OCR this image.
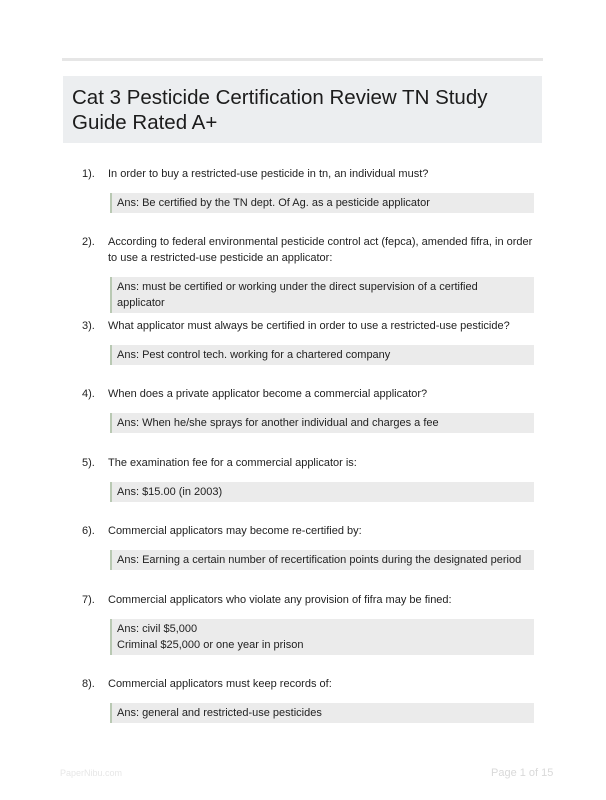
Cat 3 Pesticide Certification Review TN Study
Guide Rated A+
1). In order to buy a restricted-use pesticide in tn, an individual must?
Ans: Be certified by the TN dept. Of Ag. as a pesticide applicator
2). According to federal environmental pesticide control act (fepca), amended fifra, in order to use a restricted-use pesticide an applicator:
Ans: must be certified or working under the direct supervision of a certified applicator
3). What applicator must always be certified in order to use a restricted-use pesticide?
Ans: Pest control tech. working for a chartered company
4). When does a private applicator become a commercial applicator?
Ans: When he/she sprays for another individual and charges a fee
5). The examination fee for a commercial applicator is:
Ans: $15.00 (in 2003)
6). Commercial applicators may become re-certified by:
Ans: Earning a certain number of recertification points during the designated period
7). Commercial applicators who violate any provision of fifra may be fined:
Ans: civil $5,000
Criminal $25,000 or one year in prison
8). Commercial applicators must keep records of:
Ans: general and restricted-use pesticides
PaperNibu.com	Page 1 of 15
